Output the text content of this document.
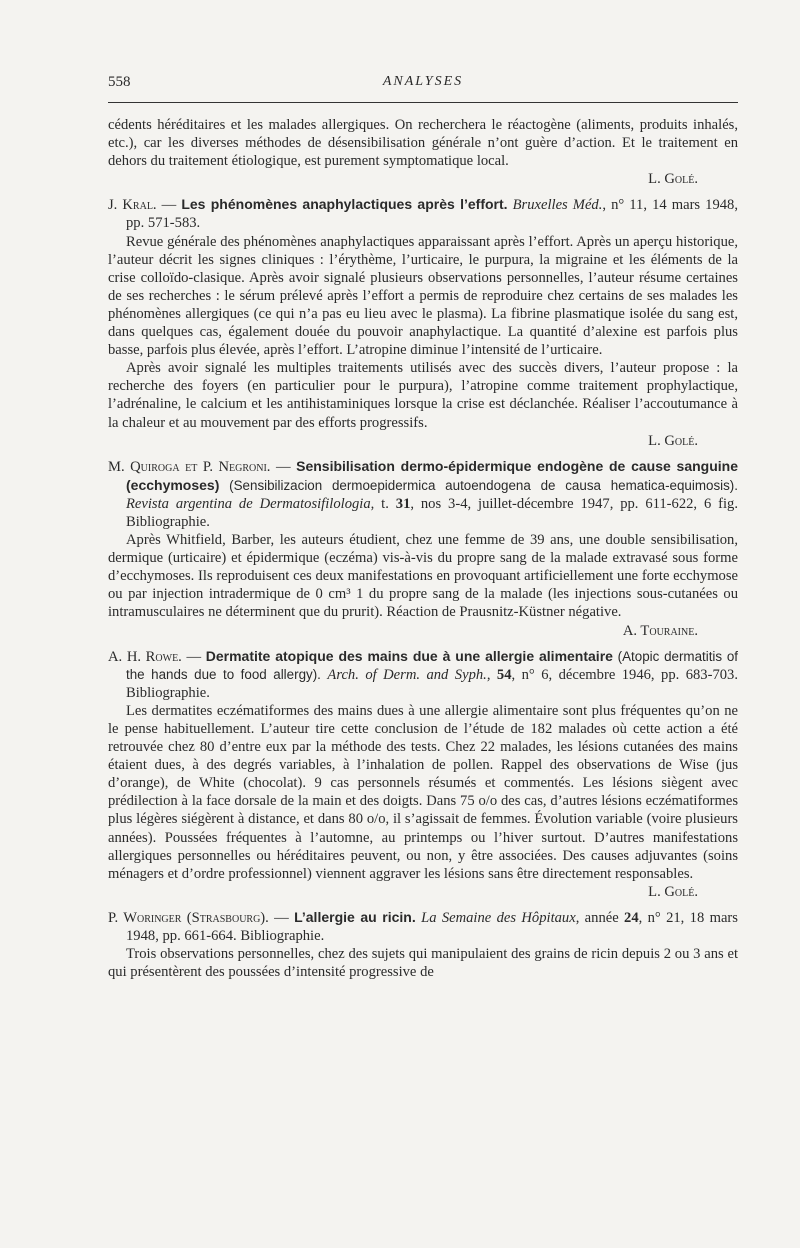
558	ANALYSES

cédents héréditaires et les malades allergiques. On recherchera le réactogène (aliments, produits inhalés, etc.), car les diverses méthodes de désensibilisation générale n’ont guère d’action. Et le traitement en dehors du traitement étiologique, est purement symptomatique local.

L. Golé.

J. Kral. — Les phénomènes anaphylactiques après l’effort. Bruxelles Méd., n° 11, 14 mars 1948, pp. 571-583.

Revue générale des phénomènes anaphylactiques apparaissant après l’effort. Après un aperçu historique, l’auteur décrit les signes cliniques : l’érythème, l’urticaire, le purpura, la migraine et les éléments de la crise colloïdo-clasique. Après avoir signalé plusieurs observations personnelles, l’auteur résume certaines de ses recherches : le sérum prélevé après l’effort a permis de reproduire chez certains de ses malades les phénomènes allergiques (ce qui n’a pas eu lieu avec le plasma). La fibrine plasmatique isolée du sang est, dans quelques cas, également douée du pouvoir anaphylactique. La quantité d’alexine est parfois plus basse, parfois plus élevée, après l’effort. L’atropine diminue l’intensité de l’urticaire.

Après avoir signalé les multiples traitements utilisés avec des succès divers, l’auteur propose : la recherche des foyers (en particulier pour le purpura), l’atropine comme traitement prophylactique, l’adrénaline, le calcium et les antihistaminiques lorsque la crise est déclanchée. Réaliser l’accoutumance à la chaleur et au mouvement par des efforts progressifs.

L. Golé.

M. Quiroga et P. Negroni. — Sensibilisation dermo-épidermique endogène de cause sanguine (ecchymoses) (Sensibilizacion dermoepidermica autoendogena de causa hematica-equimosis). Revista argentina de Dermatosifilologia, t. 31, nos 3-4, juillet-décembre 1947, pp. 611-622, 6 fig. Bibliographie.

Après Whitfield, Barber, les auteurs étudient, chez une femme de 39 ans, une double sensibilisation, dermique (urticaire) et épidermique (eczéma) vis-à-vis du propre sang de la malade extravasé sous forme d’ecchymoses. Ils reproduisent ces deux manifestations en provoquant artificiellement une forte ecchymose ou par injection intradermique de 0 cm³ 1 du propre sang de la malade (les injections sous-cutanées ou intramusculaires ne déterminent que du prurit). Réaction de Prausnitz-Küstner négative.

A. Touraine.

A. H. Rowe. — Dermatite atopique des mains due à une allergie alimentaire (Atopic dermatitis of the hands due to food allergy). Arch. of Derm. and Syph., 54, n° 6, décembre 1946, pp. 683-703. Bibliographie.

Les dermatites eczématiformes des mains dues à une allergie alimentaire sont plus fréquentes qu’on ne le pense habituellement. L’auteur tire cette conclusion de l’étude de 182 malades où cette action a été retrouvée chez 80 d’entre eux par la méthode des tests. Chez 22 malades, les lésions cutanées des mains étaient dues, à des degrés variables, à l’inhalation de pollen. Rappel des observations de Wise (jus d’orange), de White (chocolat). 9 cas personnels résumés et commentés. Les lésions siègent avec prédilection à la face dorsale de la main et des doigts. Dans 75 o/o des cas, d’autres lésions eczématiformes plus légères siégèrent à distance, et dans 80 o/o, il s’agissait de femmes. Évolution variable (voire plusieurs années). Poussées fréquentes à l’automne, au printemps ou l’hiver surtout. D’autres manifestations allergiques personnelles ou héréditaires peuvent, ou non, y être associées. Des causes adjuvantes (soins ménagers et d’ordre professionnel) viennent aggraver les lésions sans être directement responsables.

L. Golé.

P. Woringer (Strasbourg). — L’allergie au ricin. La Semaine des Hôpitaux, année 24, n° 21, 18 mars 1948, pp. 661-664. Bibliographie.

Trois observations personnelles, chez des sujets qui manipulaient des grains de ricin depuis 2 ou 3 ans et qui présentèrent des poussées d’intensité progressive de
